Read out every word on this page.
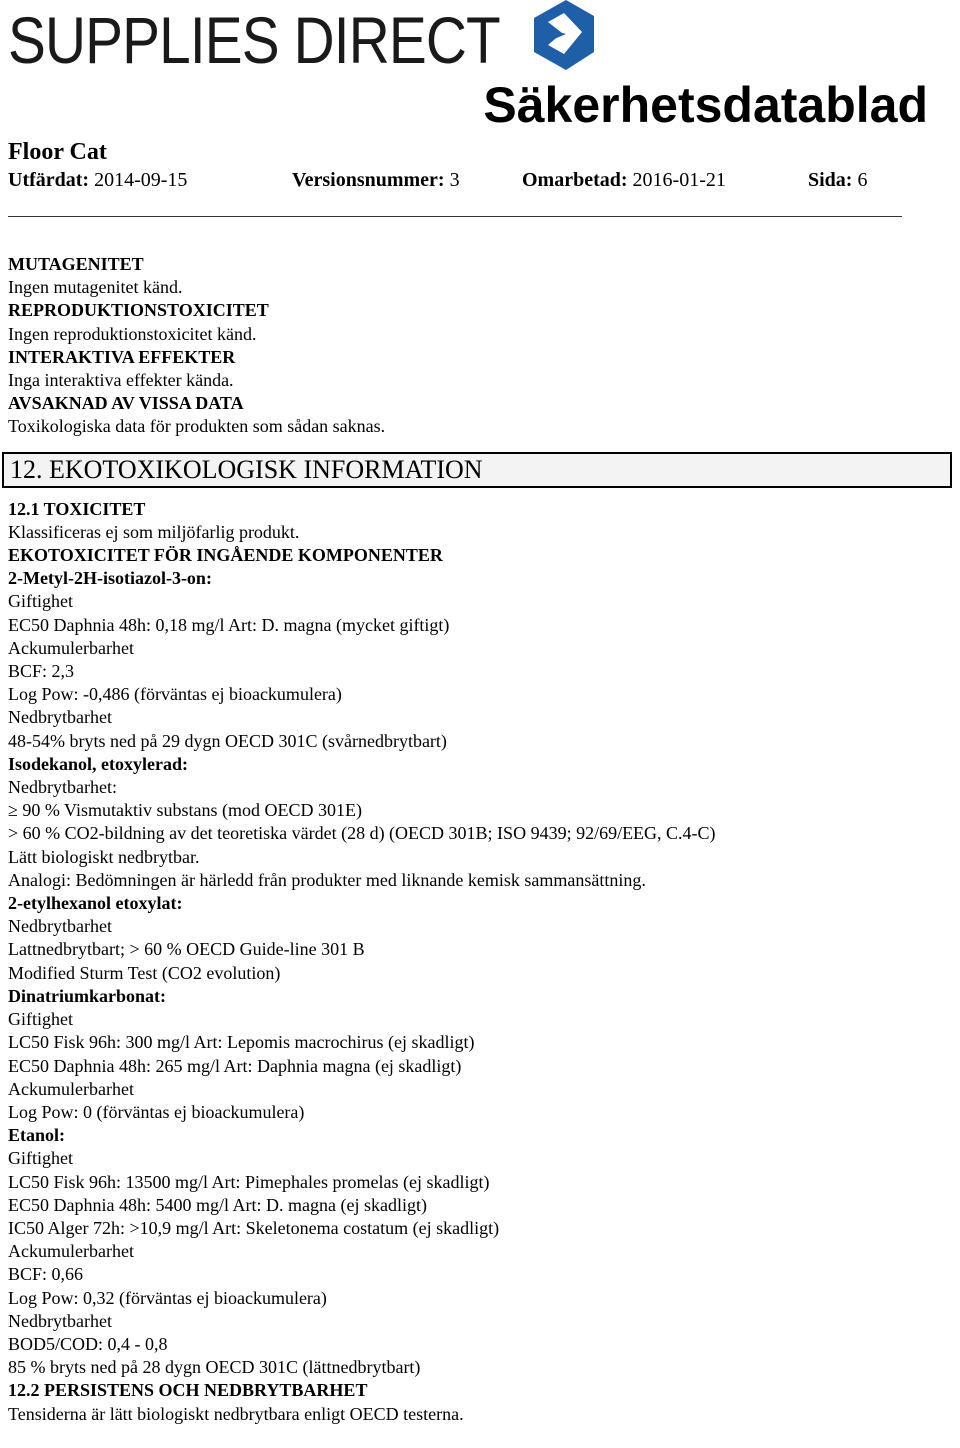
SUPPLIES DIRECT
Säkerhetsdatablad
Floor Cat
Utfärdat: 2014-09-15	Versionsnummer: 3	Omarbetad: 2016-01-21	Sida: 6
MUTAGENITET
Ingen mutagenitet känd.
REPRODUKTIONSTOXICITET
Ingen reproduktionstoxicitet känd.
INTERAKTIVA EFFEKTER
Inga interaktiva effekter kända.
AVSAKNAD AV VISSA DATA
Toxikologiska data för produkten som sådan saknas.
12. EKOTOXIKOLOGISK INFORMATION
12.1 TOXICITET
Klassificeras ej som miljöfarlig produkt.
EKOTOXICITET FÖR INGÅENDE KOMPONENTER
2-Metyl-2H-isotiazol-3-on:
Giftighet
EC50 Daphnia 48h: 0,18 mg/l Art: D. magna (mycket giftigt)
Ackumulerbarhet
BCF: 2,3
Log Pow: -0,486 (förväntas ej bioackumulera)
Nedbrytbarhet
48-54% bryts ned på 29 dygn OECD 301C (svårnedbrytbart)
Isodekanol, etoxylerad:
Nedbrytbarhet:
≥ 90 % Vismutaktiv substans (mod OECD 301E)
> 60 % CO2-bildning av det teoretiska värdet (28 d) (OECD 301B; ISO 9439; 92/69/EEG, C.4-C)
Lätt biologiskt nedbrytbar.
Analogi: Bedömningen är härledd från produkter med liknande kemisk sammansättning.
2-etylhexanol etoxylat:
Nedbrytbarhet
Lattnedbrytbart; > 60 % OECD Guide-line 301 B
Modified Sturm Test (CO2 evolution)
Dinatriumkarbonat:
Giftighet
LC50 Fisk 96h: 300 mg/l Art: Lepomis macrochirus (ej skadligt)
EC50 Daphnia 48h: 265 mg/l Art: Daphnia magna (ej skadligt)
Ackumulerbarhet
Log Pow: 0 (förväntas ej bioackumulera)
Etanol:
Giftighet
LC50 Fisk 96h: 13500 mg/l Art: Pimephales promelas (ej skadligt)
EC50 Daphnia 48h: 5400 mg/l Art: D. magna (ej skadligt)
IC50 Alger 72h: >10,9 mg/l Art: Skeletonema costatum (ej skadligt)
Ackumulerbarhet
BCF: 0,66
Log Pow: 0,32 (förväntas ej bioackumulera)
Nedbrytbarhet
BOD5/COD: 0,4 - 0,8
85 % bryts ned på 28 dygn OECD 301C (lättnedbrytbart)
12.2 PERSISTENS OCH NEDBRYTBARHET
Tensiderna är lätt biologiskt nedbrytbara enligt OECD testerna.
